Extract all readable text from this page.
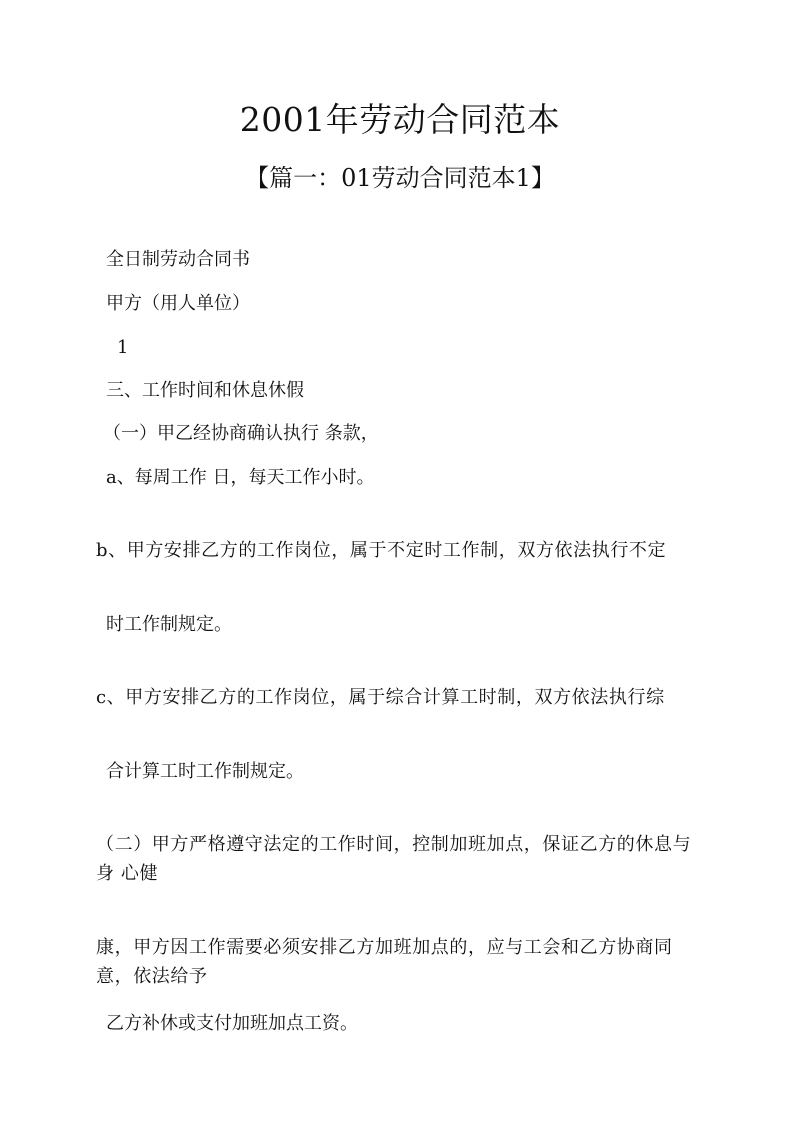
2001年劳动合同范本
【篇一：01劳动合同范本1】
全日制劳动合同书
甲方（用人单位）
1
三、工作时间和休息休假
（一）甲乙经协商确认执行 条款，
a、每周工作 日，每天工作小时。
b、甲方安排乙方的工作岗位，属于不定时工作制，双方依法执行不定
时工作制规定。
c、甲方安排乙方的工作岗位，属于综合计算工时制，双方依法执行综
合计算工时工作制规定。
（二）甲方严格遵守法定的工作时间，控制加班加点，保证乙方的休息与身 心健
康，甲方因工作需要必须安排乙方加班加点的，应与工会和乙方协商同意，依法给予
乙方补休或支付加班加点工资。
